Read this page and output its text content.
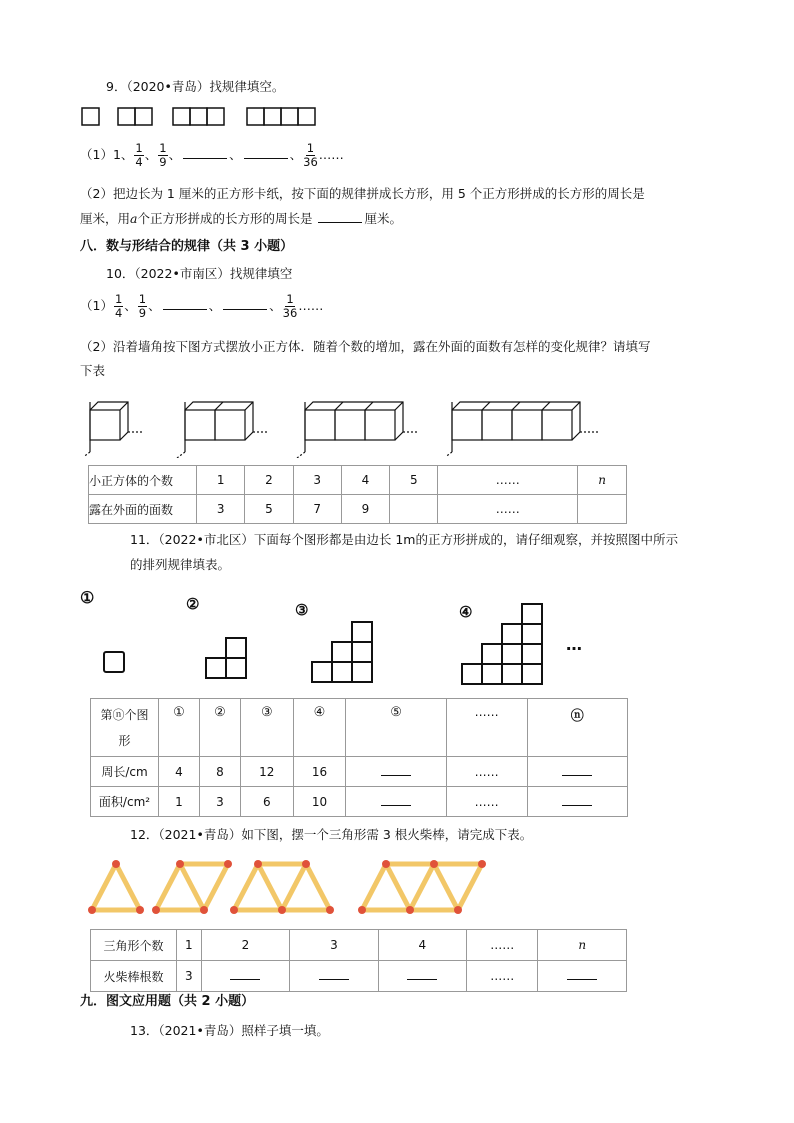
9．（2020•青岛）找规律填空。
（1）1、 $\frac{1}{4}$ 、 $\frac{1}{9}$ 、	、	、 $\frac{1}{36}$ ……
（2）把边长为 1 厘米的正方形卡纸，按下面的规律拼成长方形，用 5 个正方形拼成的长方形的周长是
厘米，用a个正方形拼成的长方形的周长是	厘米。
八．数与形结合的规律（共 3 小题）
10．（2022•市南区）找规律填空
$(1) \frac{1}{4}$ 、 $\frac{1}{9}$ 、	、	、 $\frac{1}{36}$ ……
（2）沿着墙角按下图方式摆放小正方体．随着个数的增加，露在外面的面数有怎样的变化规律？请填写
下表
小正方体的个数	1	2	3	4	5	……	n
露在外面的面数	3	5	7	9		……	
11．（2022•市北区）下面每个图形都是由边长 1m的正方形拼成的，请仔细观察，并按照图中所示
的排列规律填表。
①	②	③	④
…
第ⓝ个图
形	①	②	③	④	⑤	……	ⓝ
周长/cm	4	8	12	16		……	
面积/cm²	1	3	6	10		……	
12．（2021•青岛）如下图，摆一个三角形需 3 根火柴棒，请完成下表。
三角形个数	1	2	3	4	……	n
火柴棒根数	3				……	
九．图文应用题（共 2 小题）
13．（2021•青岛）照样子填一填。
